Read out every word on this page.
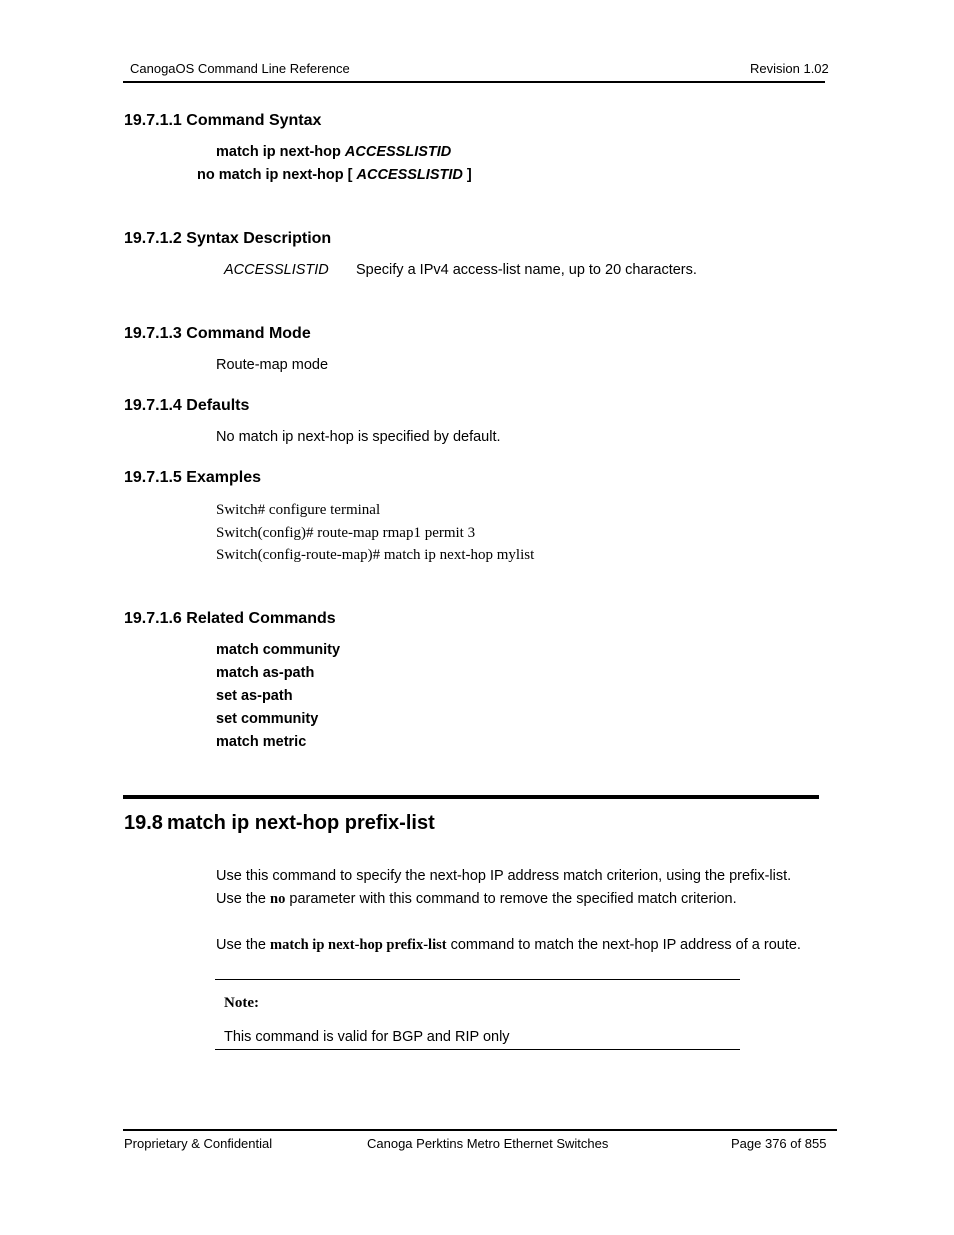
CanogaOS Command Line Reference	Revision 1.02
19.7.1.1 Command Syntax
match ip next-hop ACCESSLISTID
no match ip next-hop [ ACCESSLISTID ]
19.7.1.2 Syntax Description
ACCESSLISTID Specify a IPv4 access-list name, up to 20 characters.
19.7.1.3 Command Mode
Route-map mode
19.7.1.4 Defaults
No match ip next-hop is specified by default.
19.7.1.5 Examples
Switch# configure terminal
Switch(config)# route-map rmap1 permit 3
Switch(config-route-map)# match ip next-hop mylist
19.7.1.6 Related Commands
match community
match as-path
set as-path
set community
match metric
19.8 match ip next-hop prefix-list
Use this command to specify the next-hop IP address match criterion, using the prefix-list.
Use the no parameter with this command to remove the specified match criterion.
Use the match ip next-hop prefix-list command to match the next-hop IP address of a route.
Note:
This command is valid for BGP and RIP only
Proprietary & Confidential	Canoga Perktins Metro Ethernet Switches	Page 376 of 855
